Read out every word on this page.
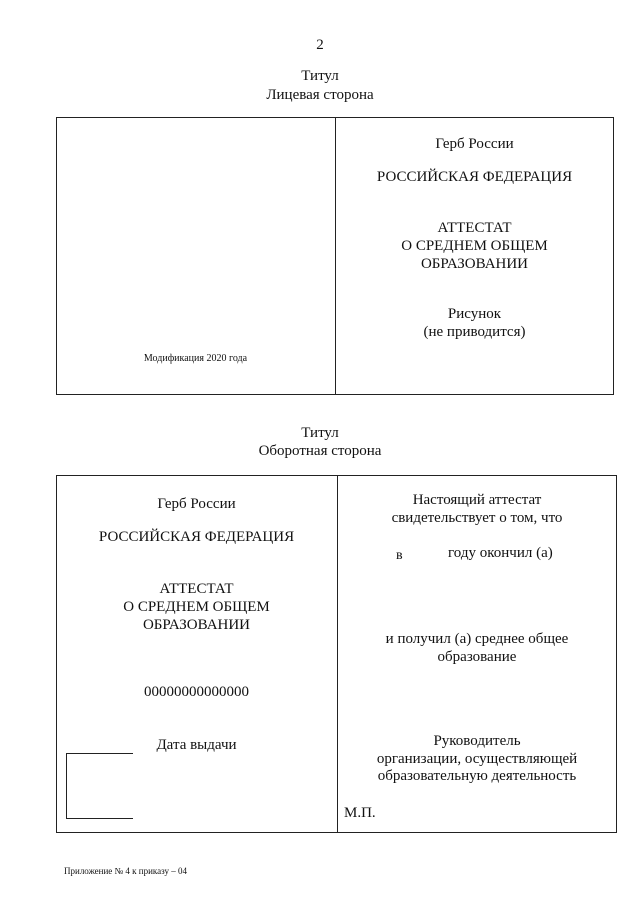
2
Титул
Лицевая сторона
Модификация 2020 года
Герб России
РОССИЙСКАЯ ФЕДЕРАЦИЯ
АТТЕСТАТ
О СРЕДНЕМ ОБЩЕМ
ОБРАЗОВАНИИ
Рисунок
(не приводится)
Титул
Оборотная сторона
Герб России
РОССИЙСКАЯ ФЕДЕРАЦИЯ
АТТЕСТАТ
О СРЕДНЕМ ОБЩЕМ
ОБРАЗОВАНИИ
00000000000000
Дата выдачи
Настоящий аттестат
свидетельствует о том, что
в	году окончил (а)
и получил (а) среднее общее
образование
Руководитель
организации, осуществляющей
образовательную деятельность
М.П.
Приложение № 4 к приказу – 04
